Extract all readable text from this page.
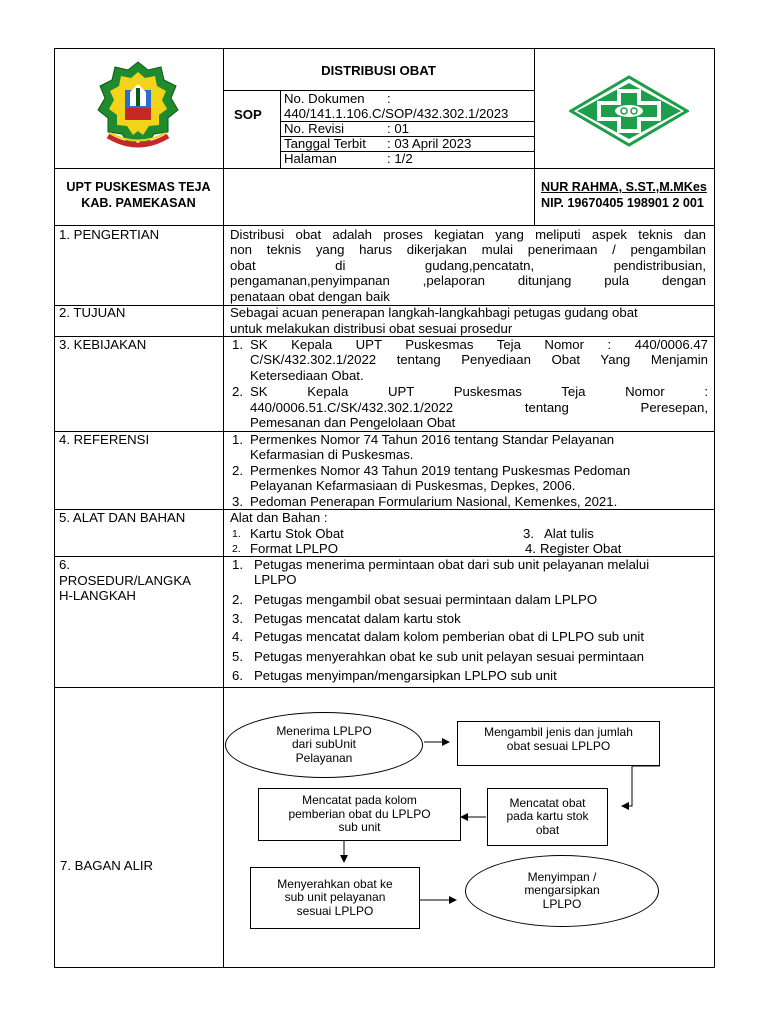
DISTRIBUSI OBAT
SOP
No. Dokumen :
440/141.1.106.C/SOP/432.302.1/2023
No. Revisi	: 01
Tanggal Terbit : 03 April 2023
Halaman	: 1/2
UPT PUSKESMAS TEJA
KAB. PAMEKASAN
NUR RAHMA, S.ST.,M.MKes
NIP. 19670405 198901 2 001
1. PENGERTIAN	Distribusi obat adalah proses kegiatan yang meliputi aspek teknis dan
non teknis yang harus dikerjakan mulai penerimaan / pengambilan
obat di gudang,pencatatn, pendistribusian,
pengamanan,penyimpanan ,pelaporan ditunjang pula dengan
penataan obat dengan baik
2. TUJUAN	Sebagai acuan penerapan langkah-langkahbagi petugas gudang obat
untuk melakukan distribusi obat sesuai prosedur
3. KEBIJAKAN	1. SK Kepala UPT Puskesmas Teja Nomor : 440/0006.47
C/SK/432.302.1/2022 tentang Penyediaan Obat Yang Menjamin
Ketersediaan Obat.
2. SK Kepala UPT Puskesmas Teja Nomor :
440/0006.51.C/SK/432.302.1/2022 tentang Peresepan,
Pemesanan dan Pengelolaan Obat
4. REFERENSI	1. Permenkes Nomor 74 Tahun 2016 tentang Standar Pelayanan
Kefarmasian di Puskesmas.
2. Permenkes Nomor 43 Tahun 2019 tentang Puskesmas Pedoman
Pelayanan Kefarmasiaan di Puskesmas, Depkes, 2006.
3. Pedoman Penerapan Formularium Nasional, Kemenkes, 2021.
5. ALAT DAN BAHAN	Alat dan Bahan :
1. Kartu Stok Obat
2. Format LPLPO
3. Alat tulis
4. Register Obat
6.
PROSEDUR/LANGKA
H-LANGKAH
1. Petugas menerima permintaan obat dari sub unit pelayanan melalui
LPLPO
2. Petugas mengambil obat sesuai permintaan dalam LPLPO
3. Petugas mencatat dalam kartu stok
4. Petugas mencatat dalam kolom pemberian obat di LPLPO sub unit
5. Petugas menyerahkan obat ke sub unit pelayan sesuai permintaan
6. Petugas menyimpan/mengarsipkan LPLPO sub unit
7. BAGAN ALIR
Menerima LPLPO
dari subUnit
Pelayanan
Mengambil jenis dan jumlah
obat sesuai LPLPO
Mencatat obat
pada kartu stok
obat
Mencatat pada kolom
pemberian obat du LPLPO
sub unit
Menyerahkan obat ke
sub unit pelayanan
sesuai LPLPO
Menyimpan /
mengarsipkan
LPLPO
